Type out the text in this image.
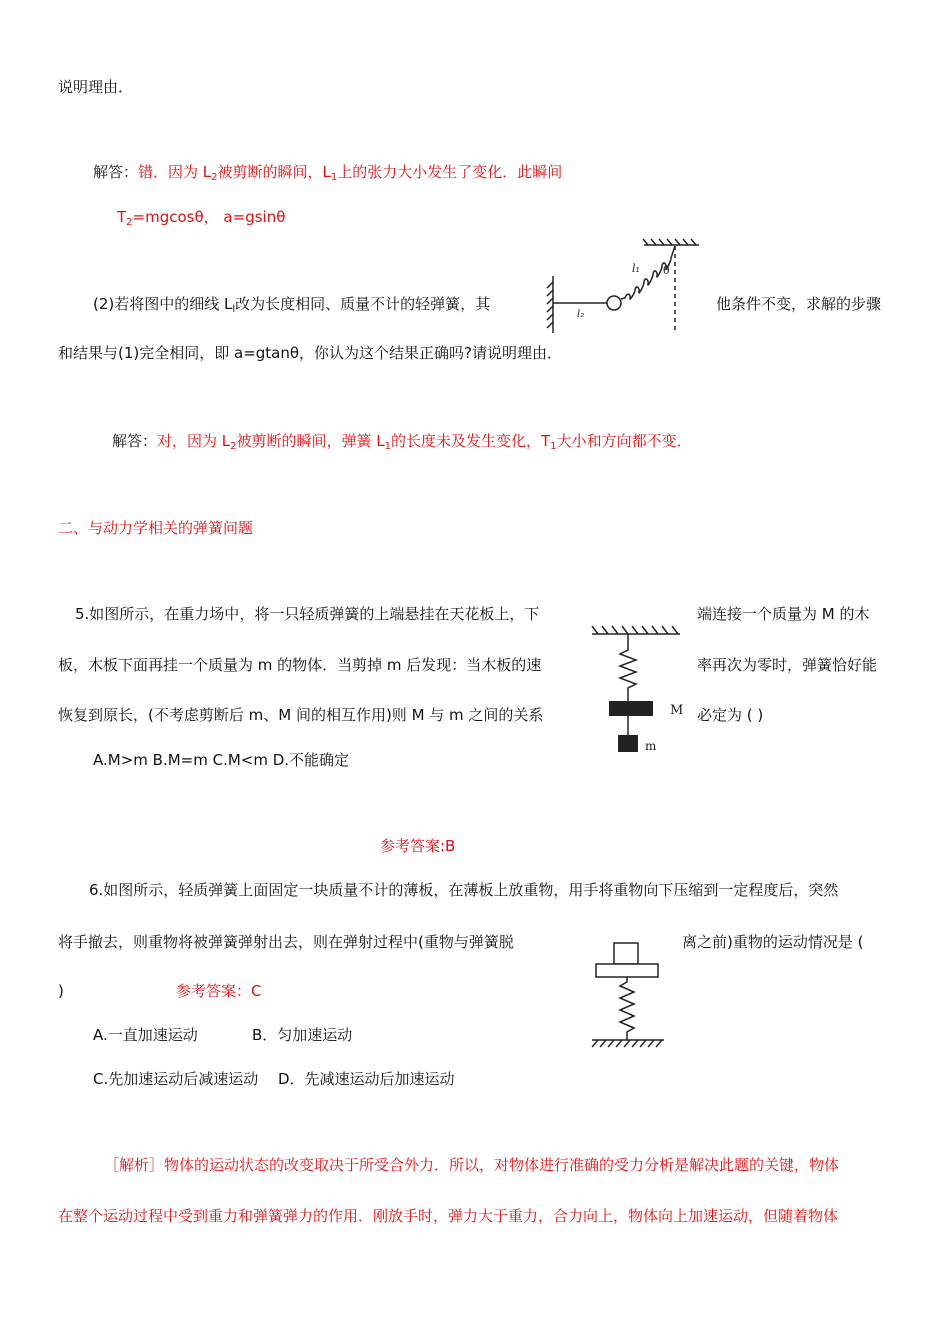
说明理由．
解答：错．因为 $L_2$被剪断的瞬间，$L_1$上的张力大小发生了变化．此瞬间
$T_2=mgcos\theta$， a=gsinθ
(2)若将图中的细线 $L_l$改为长度相同、质量不计的轻弹簧，其
l₁
l₂
θ
他条件不变，求解的步骤
和结果与(1)完全相同，即 a=gtanθ，你认为这个结果正确吗?请说明理由．
解答：对，因为 $L_2$被剪断的瞬间，弹簧 $L_1$的长度未及发生变化，$T_1$大小和方向都不变．
二、与动力学相关的弹簧问题
5.如图所示，在重力场中，将一只轻质弹簧的上端悬挂在天花板上，下	端连接一个质量为 M 的木
板，木板下面再挂一个质量为 m 的物体．当剪掉 m 后发现：当木板的速	率再次为零时，弹簧恰好能
恢复到原长，(不考虑剪断后 m、M 间的相互作用)则 M 与 m 之间的关系	必定为 ( )
M
m
A.M>m B.M=m C.M<m D.不能确定
参考答案:B
6.如图所示，轻质弹簧上面固定一块质量不计的薄板，在薄板上放重物，用手将重物向下压缩到一定程度后，突然
将手撤去，则重物将被弹簧弹射出去，则在弹射过程中(重物与弹簧脱	离之前)重物的运动情况是 (
)	参考答案：C
A.一直加速运动	B．匀加速运动
C.先加速运动后减速运动 D．先减速运动后加速运动
［解析］物体的运动状态的改变取决于所受合外力．所以，对物体进行准确的受力分析是解决此题的关键，物体
在整个运动过程中受到重力和弹簧弹力的作用．刚放手时，弹力大于重力，合力向上，物体向上加速运动，但随着物体
